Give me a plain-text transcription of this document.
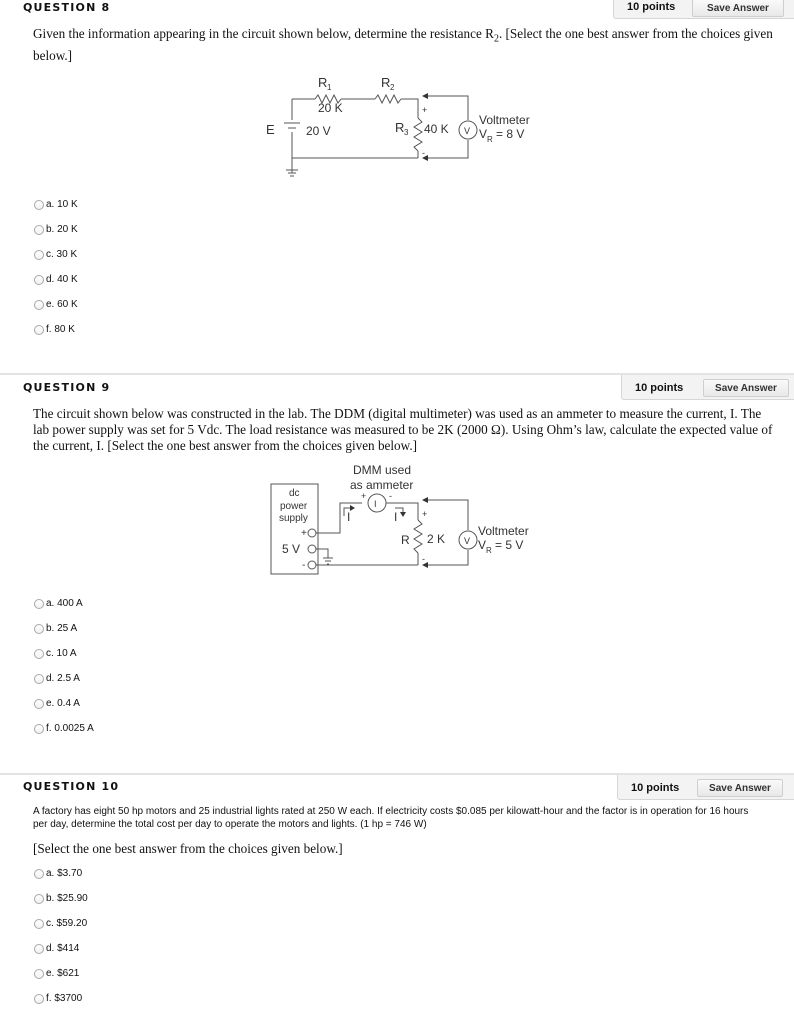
QUESTION 8	10 points	Save Answer
Given the information appearing in the circuit shown below, determine the resistance $R_2$. [Select the one best answer from the choices given below.]
R 1
20 K
R 2
R 3 40 K
E	20 V	V
Voltmeter
V R = 8 V
+
-
a. 10 K
b. 20 K
c. 30 K
d. 40 K
e. 60 K
f. 80 K
QUESTION 9	10 points	Save Answer
The circuit shown below was constructed in the lab. The DDM (digital multimeter) was used as an ammeter to measure the current, I. The lab power supply was set for 5 Vdc. The load resistance was measured to be 2K (2000 Ω). Using Ohm’s law, calculate the expected value of the current, I. [Select the one best answer from the choices given below.]
DMM used
as ammeter
I
dc
power
supply
+
5 V
-
+	-
I	I
R 2 K
+
-
V
Voltmeter
V R = 5 V
a. 400 A
b. 25 A
c. 10 A
d. 2.5 A
e. 0.4 A
f. 0.0025 A
QUESTION 10	10 points	Save Answer
A factory has eight 50 hp motors and 25 industrial lights rated at 250 W each. If electricity costs $0.085 per kilowatt-hour and the factor is in operation for 16 hours per day, determine the total cost per day to operate the motors and lights. (1 hp = 746 W)
[Select the one best answer from the choices given below.]
a. $3.70
b. $25.90
c. $59.20
d. $414
e. $621
f. $3700
